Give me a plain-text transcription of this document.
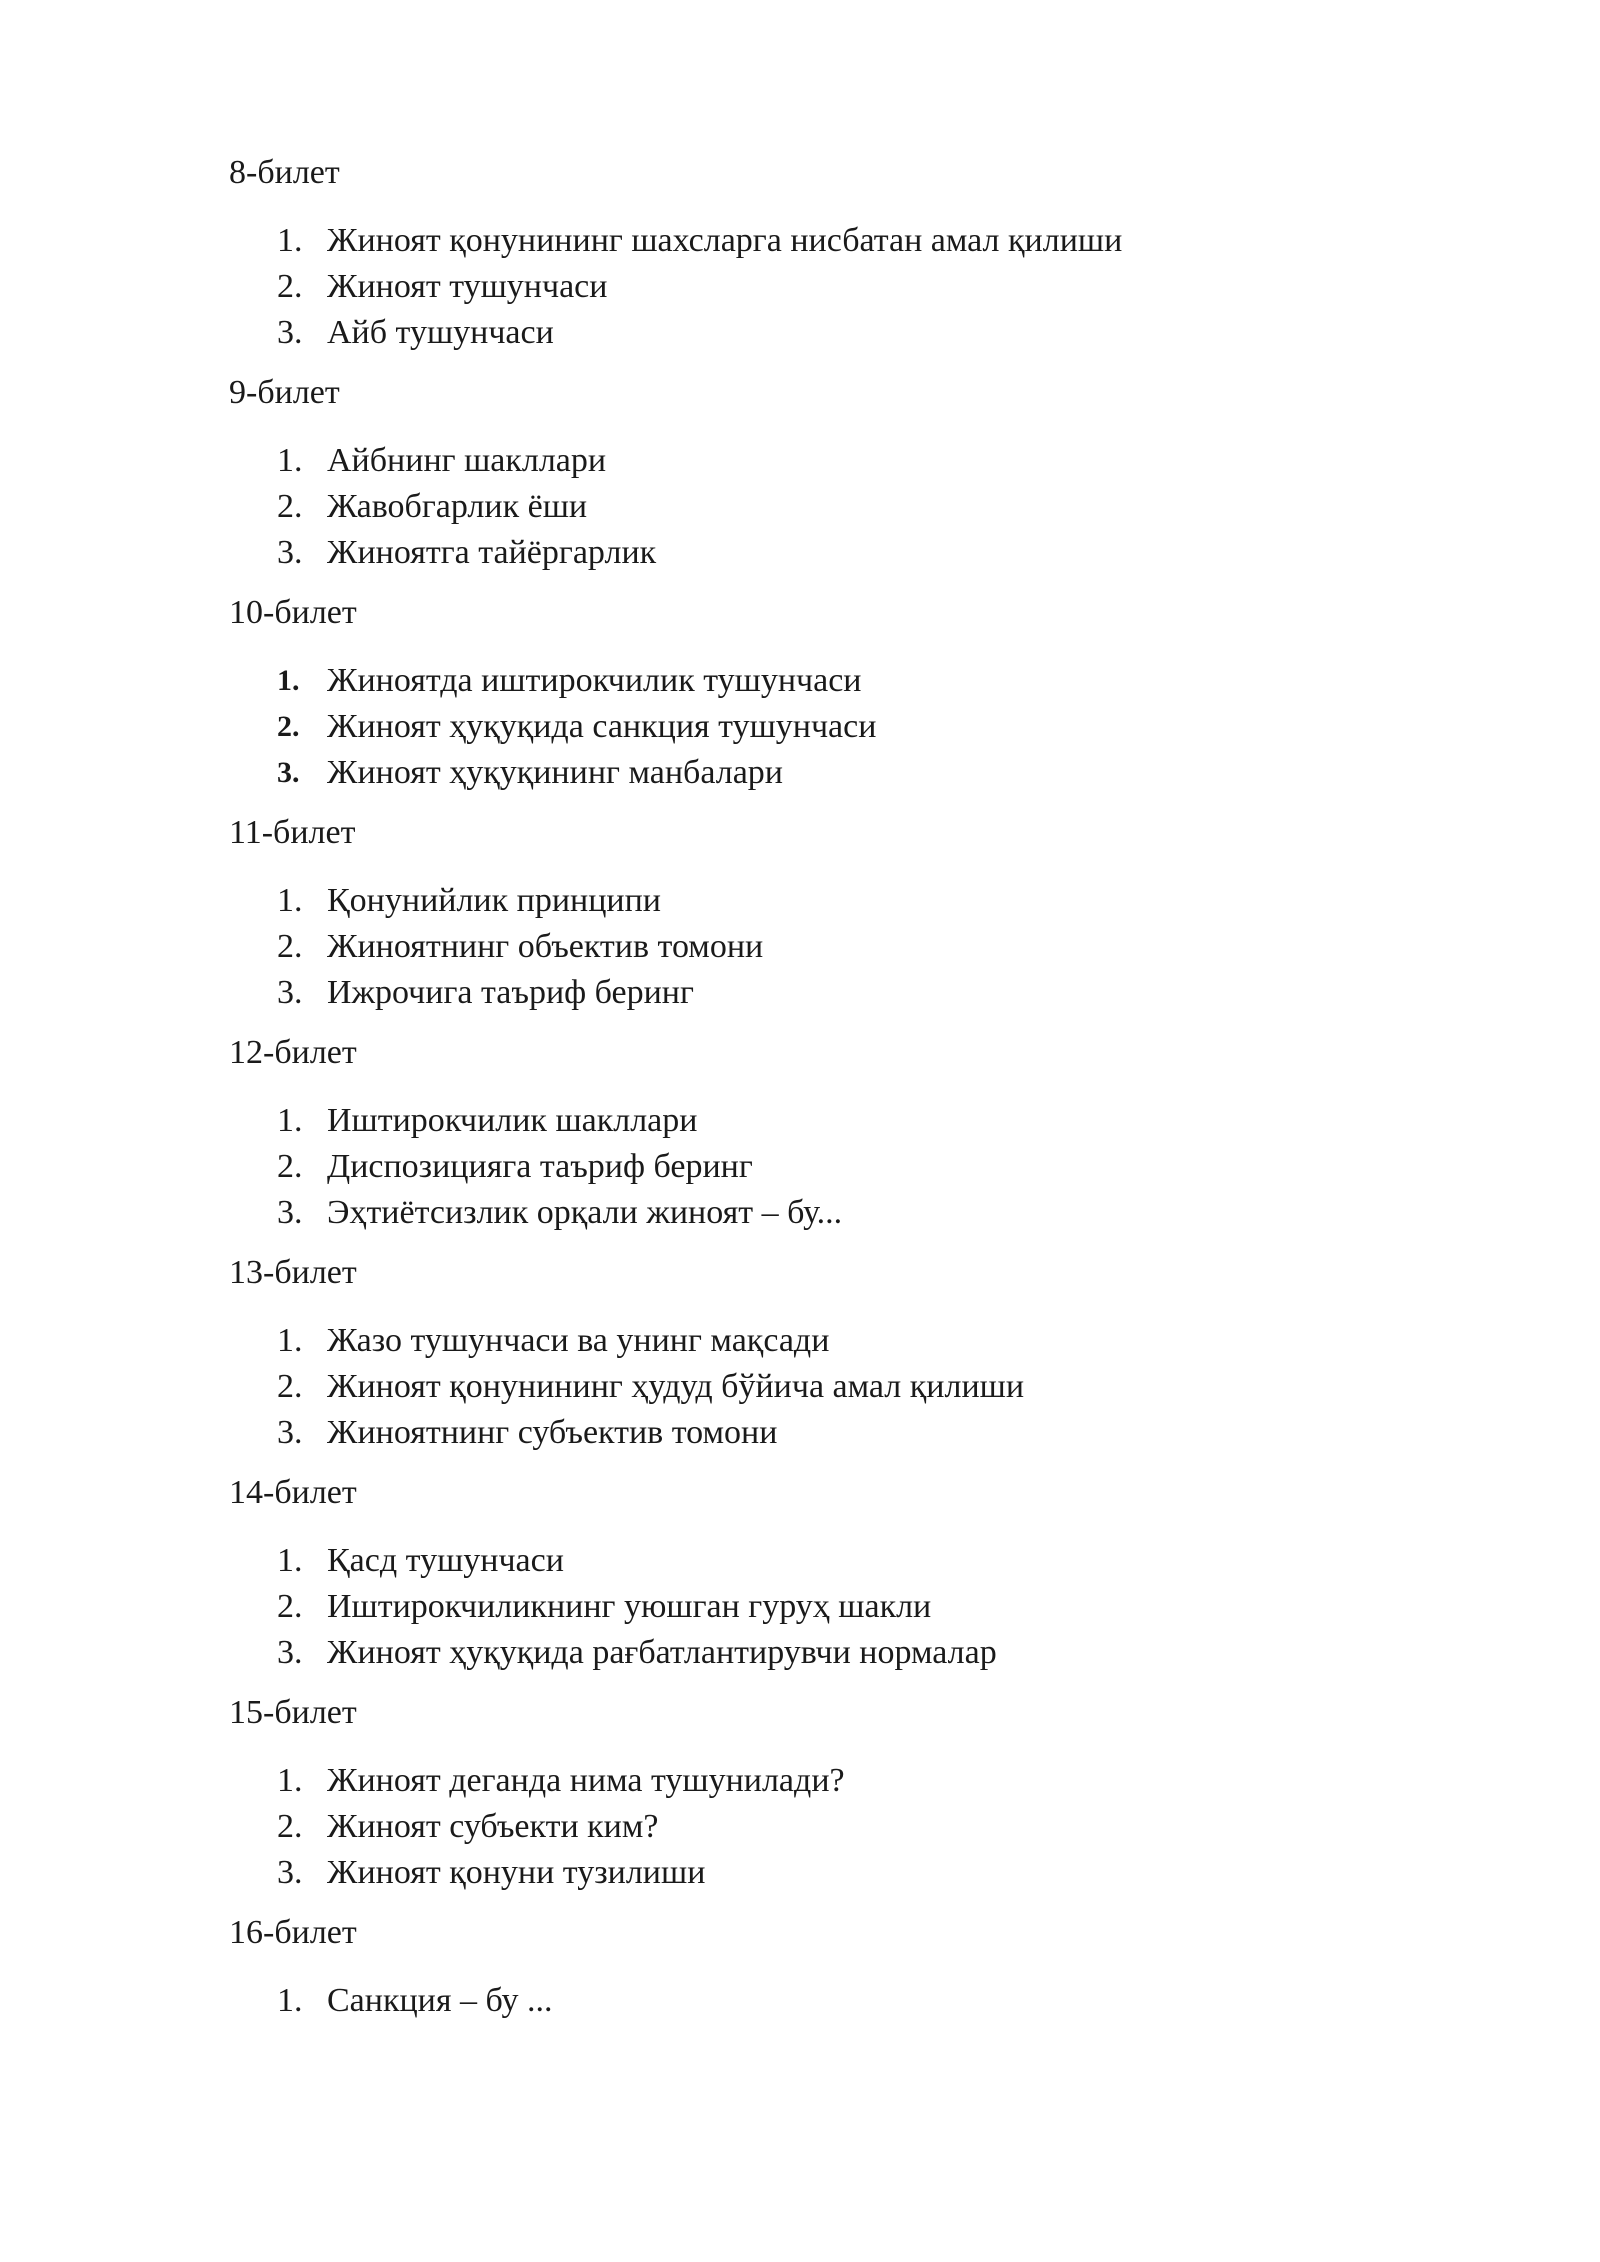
8-билет
1. Жиноят қонунининг шахсларга нисбатан амал қилиши
2. Жиноят тушунчаси
3. Айб тушунчаси
9-билет
1. Айбнинг шакллари
2. Жавобгарлик ёши
3. Жиноятга тайёргарлик
10-билет
1. Жиноятда иштирокчилик тушунчаси
2. Жиноят ҳуқуқида санкция тушунчаси
3. Жиноят ҳуқуқининг манбалари
11-билет
1. Қонунийлик принципи
2. Жиноятнинг объектив томони
3. Ижрочига таъриф беринг
12-билет
1. Иштирокчилик шакллари
2. Диспозицияга таъриф беринг
3. Эҳтиётсизлик орқали жиноят – бу...
13-билет
1. Жазо тушунчаси ва унинг мақсади
2. Жиноят қонунининг ҳудуд бўйича амал қилиши
3. Жиноятнинг субъектив томони
14-билет
1. Қасд тушунчаси
2. Иштирокчиликнинг уюшган гуруҳ шакли
3. Жиноят ҳуқуқида рағбатлантирувчи нормалар
15-билет
1. Жиноят деганда нима тушунилади?
2. Жиноят субъекти ким?
3. Жиноят қонуни тузилиши
16-билет
1. Санкция – бу ...
